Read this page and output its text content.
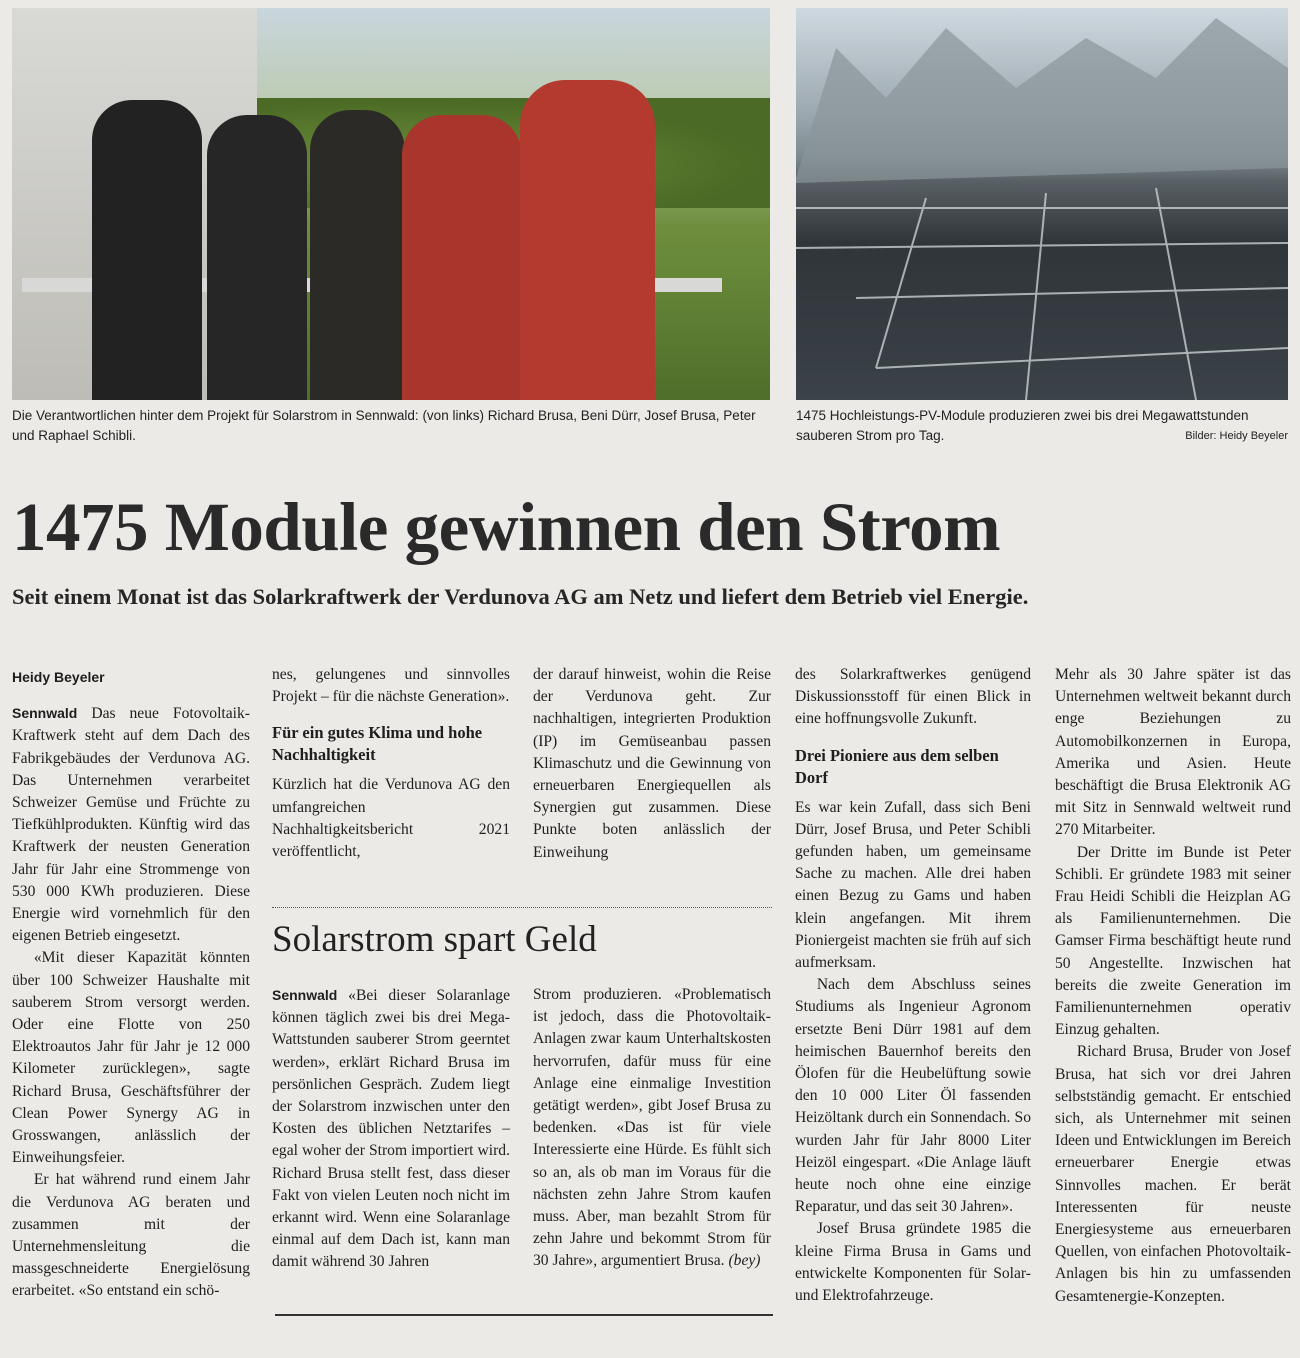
Die Verantwortlichen hinter dem Projekt für Solarstrom in Sennwald: (von links) Richard Brusa, Beni Dürr, Josef Brusa, Peter und Raphael Schibli.
1475 Hochleistungs-PV-Module produzieren zwei bis drei Megawattstunden sauberen Strom pro Tag.	Bilder: Heidy Beyeler
1475 Module gewinnen den Strom
Seit einem Monat ist das Solarkraftwerk der Verdunova AG am Netz und liefert dem Betrieb viel Energie.

Heidy Beyeler

Sennwald Das neue Fotovoltaik-Kraftwerk steht auf dem Dach des Fabrikgebäudes der Verdunova AG. Das Unternehmen verarbeitet Schweizer Gemüse und Früchte zu Tiefkühlprodukten. Künftig wird das Kraftwerk der neusten Generation Jahr für Jahr eine Strommenge von 530 000 KWh produzieren. Diese Energie wird vornehmlich für den eigenen Betrieb eingesetzt.

«Mit dieser Kapazität könnten über 100 Schweizer Haushalte mit sauberem Strom versorgt werden. Oder eine Flotte von 250 Elektroautos Jahr für Jahr je 12 000 Kilometer zurücklegen», sagte Richard Brusa, Geschäftsführer der Clean Power Synergy AG in Grosswangen, anlässlich der Einweihungsfeier.

Er hat während rund einem Jahr die Verdunova AG beraten und zusammen mit der Unternehmensleitung die massgeschneiderte Energielösung erarbeitet. «So entstand ein schö-

nes, gelungenes und sinnvolles Projekt – für die nächste Generation».

Für ein gutes Klima und hohe Nachhaltigkeit

Kürzlich hat die Verdunova AG den umfangreichen Nachhaltigkeitsbericht 2021 veröffentlicht,

der darauf hinweist, wohin die Reise der Verdunova geht. Zur nachhaltigen, integrierten Produktion (IP) im Gemüseanbau passen Klimaschutz und die Gewinnung von erneuerbaren Energiequellen als Synergien gut zusammen. Diese Punkte boten anlässlich der Einweihung

des Solarkraftwerkes genügend Diskussionsstoff für einen Blick in eine hoffnungsvolle Zukunft.

Drei Pioniere aus dem selben Dorf

Es war kein Zufall, dass sich Beni Dürr, Josef Brusa, und Peter Schibli gefunden haben, um gemeinsame Sache zu machen. Alle drei haben einen Bezug zu Gams und haben klein angefangen. Mit ihrem Pioniergeist machten sie früh auf sich aufmerksam.

Nach dem Abschluss seines Studiums als Ingenieur Agronom ersetzte Beni Dürr 1981 auf dem heimischen Bauernhof bereits den Ölofen für die Heubelüftung sowie den 10 000 Liter Öl fassenden Heizöltank durch ein Sonnendach. So wurden Jahr für Jahr 8000 Liter Heizöl eingespart. «Die Anlage läuft heute noch ohne eine einzige Reparatur, und das seit 30 Jahren».

Josef Brusa gründete 1985 die kleine Firma Brusa in Gams und entwickelte Komponenten für Solar- und Elektrofahrzeuge.

Mehr als 30 Jahre später ist das Unternehmen weltweit bekannt durch enge Beziehungen zu Automobilkonzernen in Europa, Amerika und Asien. Heute beschäftigt die Brusa Elektronik AG mit Sitz in Sennwald weltweit rund 270 Mitarbeiter.

Der Dritte im Bunde ist Peter Schibli. Er gründete 1983 mit seiner Frau Heidi Schibli die Heizplan AG als Familienunternehmen. Die Gamser Firma beschäftigt heute rund 50 Angestellte. Inzwischen hat bereits die zweite Generation im Familienunternehmen operativ Einzug gehalten.

Richard Brusa, Bruder von Josef Brusa, hat sich vor drei Jahren selbstständig gemacht. Er entschied sich, als Unternehmer mit seinen Ideen und Entwicklungen im Bereich erneuerbarer Energie etwas Sinnvolles machen. Er berät Interessenten für neuste Energiesysteme aus erneuerbaren Quellen, von einfachen Photovoltaik-Anlagen bis hin zu umfassenden Gesamtenergie-Konzepten.

Solarstrom spart Geld

Sennwald «Bei dieser Solaranlage können täglich zwei bis drei Mega-Wattstunden sauberer Strom geerntet werden», erklärt Richard Brusa im persönlichen Gespräch. Zudem liegt der Solarstrom inzwischen unter den Kosten des üblichen Netztarifes – egal woher der Strom importiert wird. Richard Brusa stellt fest, dass dieser Fakt von vielen Leuten noch nicht im erkannt wird. Wenn eine Solaranlage einmal auf dem Dach ist, kann man damit während 30 Jahren

Strom produzieren. «Problematisch ist jedoch, dass die Photovoltaik-Anlagen zwar kaum Unterhaltskosten hervorrufen, dafür muss für eine Anlage eine einmalige Investition getätigt werden», gibt Josef Brusa zu bedenken. «Das ist für viele Interessierte eine Hürde. Es fühlt sich so an, als ob man im Voraus für die nächsten zehn Jahre Strom kaufen muss. Aber, man bezahlt Strom für zehn Jahre und bekommt Strom für 30 Jahre», argumentiert Brusa. (bey)
